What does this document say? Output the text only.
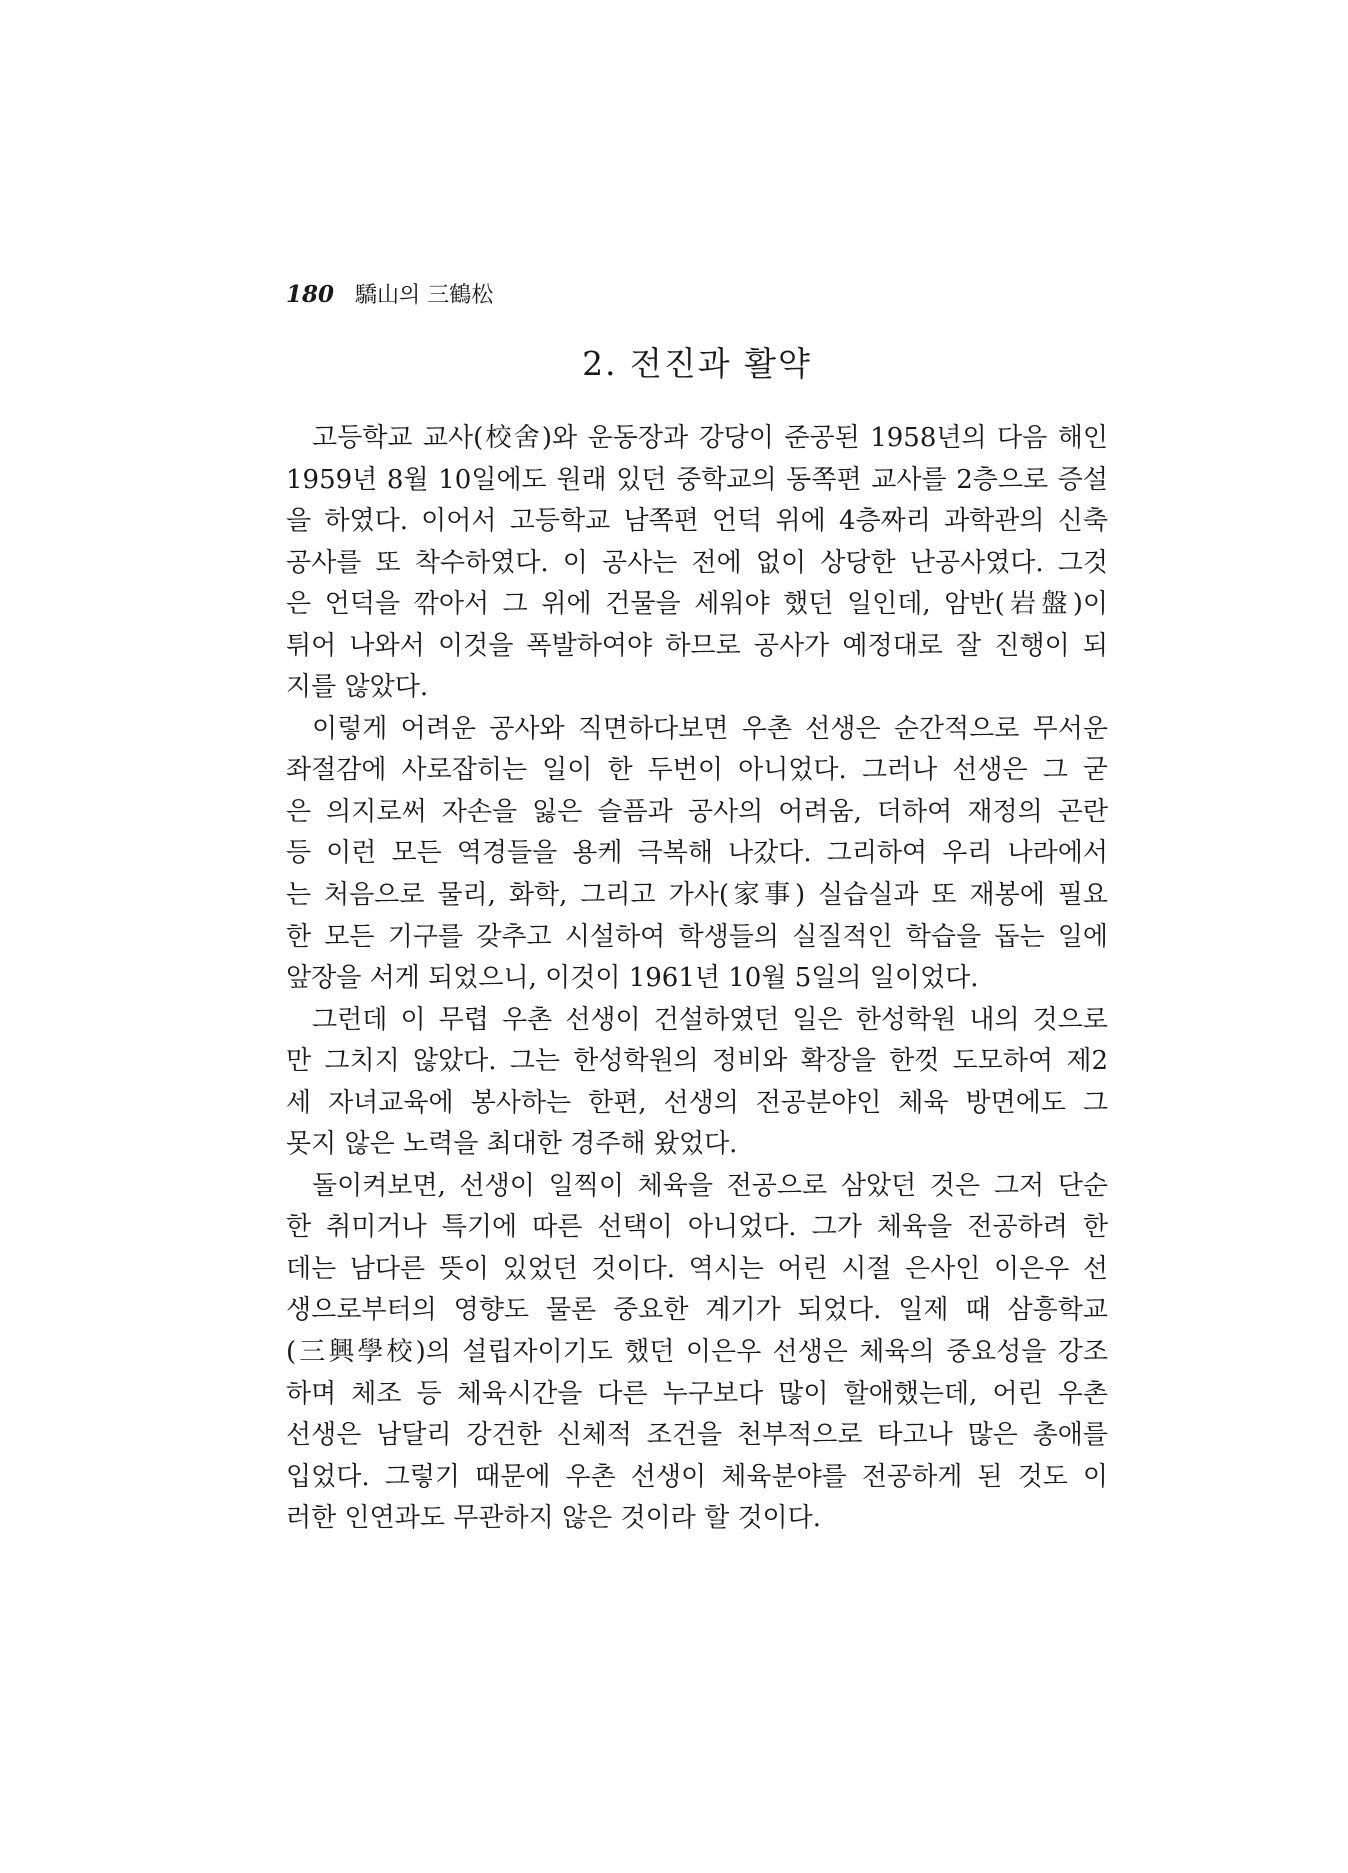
180 驕山의 三鶴松
2. 전진과 활약
고등학교 교사(校舍)와 운동장과 강당이 준공된 1958년의 다음 해인
1959년 8월 10일에도 원래 있던 중학교의 동쪽편 교사를 2층으로 증설
을 하였다. 이어서 고등학교 남쪽편 언덕 위에 4층짜리 과학관의 신축
공사를 또 착수하였다. 이 공사는 전에 없이 상당한 난공사였다. 그것
은 언덕을 깎아서 그 위에 건물을 세워야 했던 일인데, 암반(岩盤)이
튀어 나와서 이것을 폭발하여야 하므로 공사가 예정대로 잘 진행이 되
지를 않았다.
이렇게 어려운 공사와 직면하다보면 우촌 선생은 순간적으로 무서운
좌절감에 사로잡히는 일이 한 두번이 아니었다. 그러나 선생은 그 굳
은 의지로써 자손을 잃은 슬픔과 공사의 어려움, 더하여 재정의 곤란
등 이런 모든 역경들을 용케 극복해 나갔다. 그리하여 우리 나라에서
는 처음으로 물리, 화학, 그리고 가사(家事) 실습실과 또 재봉에 필요
한 모든 기구를 갖추고 시설하여 학생들의 실질적인 학습을 돕는 일에
앞장을 서게 되었으니, 이것이 1961년 10월 5일의 일이었다.
그런데 이 무렵 우촌 선생이 건설하였던 일은 한성학원 내의 것으로
만 그치지 않았다. 그는 한성학원의 정비와 확장을 한껏 도모하여 제2
세 자녀교육에 봉사하는 한편, 선생의 전공분야인 체육 방면에도 그
못지 않은 노력을 최대한 경주해 왔었다.
돌이켜보면, 선생이 일찍이 체육을 전공으로 삼았던 것은 그저 단순
한 취미거나 특기에 따른 선택이 아니었다. 그가 체육을 전공하려 한
데는 남다른 뜻이 있었던 것이다. 역시는 어린 시절 은사인 이은우 선
생으로부터의 영향도 물론 중요한 계기가 되었다. 일제 때 삼흥학교
(三興學校)의 설립자이기도 했던 이은우 선생은 체육의 중요성을 강조
하며 체조 등 체육시간을 다른 누구보다 많이 할애했는데, 어린 우촌
선생은 남달리 강건한 신체적 조건을 천부적으로 타고나 많은 총애를
입었다. 그렇기 때문에 우촌 선생이 체육분야를 전공하게 된 것도 이
러한 인연과도 무관하지 않은 것이라 할 것이다.
